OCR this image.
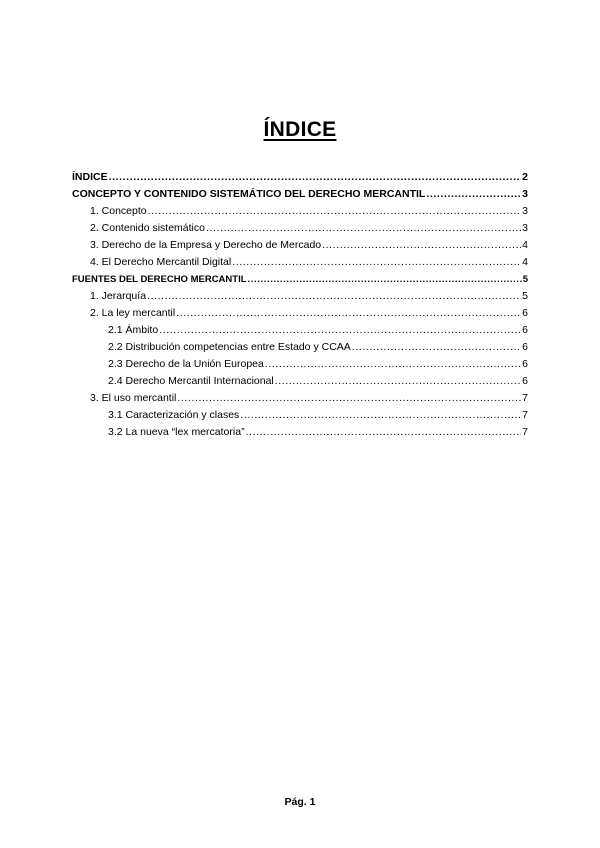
ÍNDICE
ÍNDICE .....	2
CONCEPTO Y CONTENIDO SISTEMÁTICO DEL DERECHO MERCANTIL .....	3
1. Concepto .....	3
2. Contenido sistemático .....	3
3. Derecho de la Empresa y Derecho de Mercado .....	4
4. El Derecho Mercantil Digital .....	4
FUENTES DEL DERECHO MERCANTIL .....	5
1. Jerarquía .....	5
2. La ley mercantil .....	6
2.1 Ámbito .....	6
2.2 Distribución competencias entre Estado y CCAA .....	6
2.3 Derecho de la Unión Europea .....	6
2.4 Derecho Mercantil Internacional .....	6
3. El uso mercantil .....	7
3.1 Caracterización y clases .....	7
3.2 La nueva “lex mercatoria” .....	7
Pág. 1
